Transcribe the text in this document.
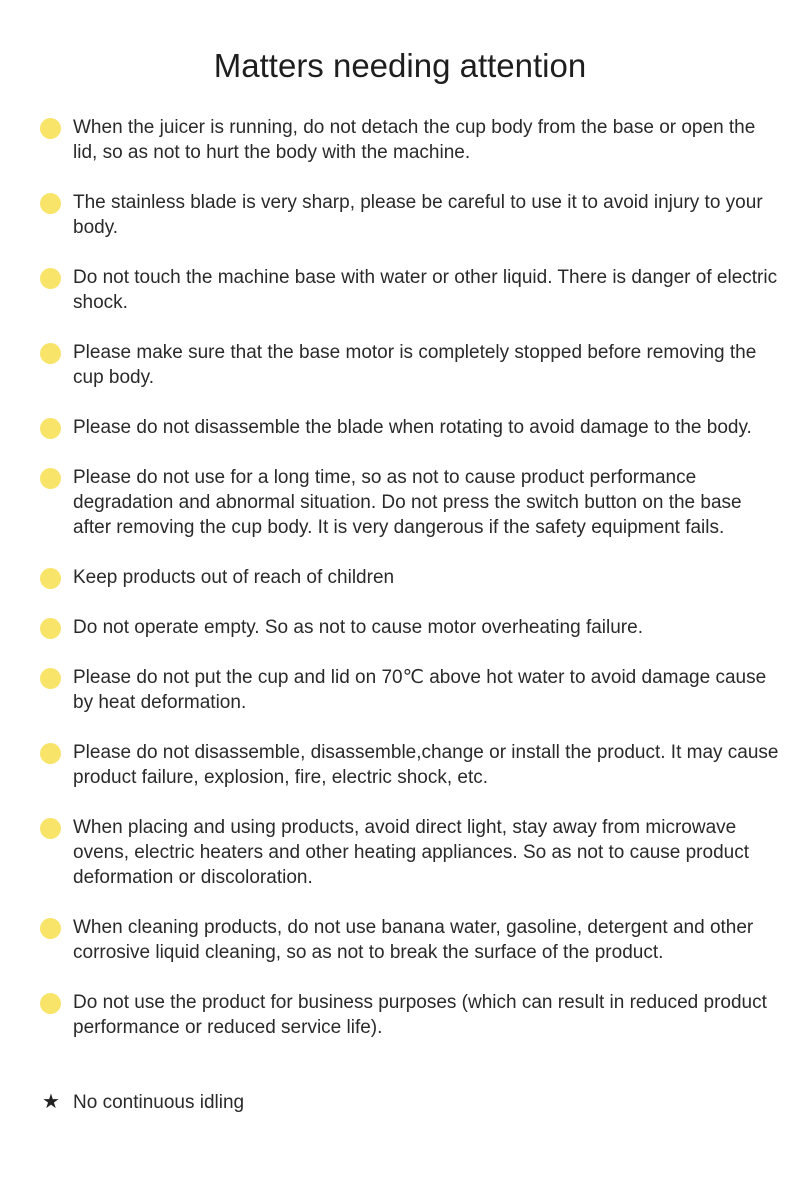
Matters needing attention
When the juicer is running, do not detach the cup body from the base or open the lid, so as not to hurt the body with the machine.
The stainless blade is very sharp, please be careful to use it to avoid injury to your body.
Do not touch the machine base with water or other liquid. There is danger of electric shock.
Please make sure that the base motor is completely stopped before removing the cup body.
Please do not disassemble the blade when rotating to avoid damage to the body.
Please do not use for a long time, so as not to cause product performance degradation and abnormal situation. Do not press the switch button on the base after removing the cup body. It is very dangerous if the safety equipment fails.
Keep products out of reach of children
Do not operate empty. So as not to cause motor overheating failure.
Please do not put the cup and lid on 70℃ above hot water to avoid damage cause by heat deformation.
Please do not disassemble, disassemble,change or install the product. It may cause product failure, explosion, fire, electric shock, etc.
When placing and using products, avoid direct light, stay away from microwave ovens, electric heaters and other heating appliances. So as not to cause product deformation or discoloration.
When cleaning products, do not use banana water, gasoline, detergent and other corrosive liquid cleaning, so as not to break the surface of the product.
Do not use the product for business purposes (which can result in reduced product performance or reduced service life).
★ No continuous idling
